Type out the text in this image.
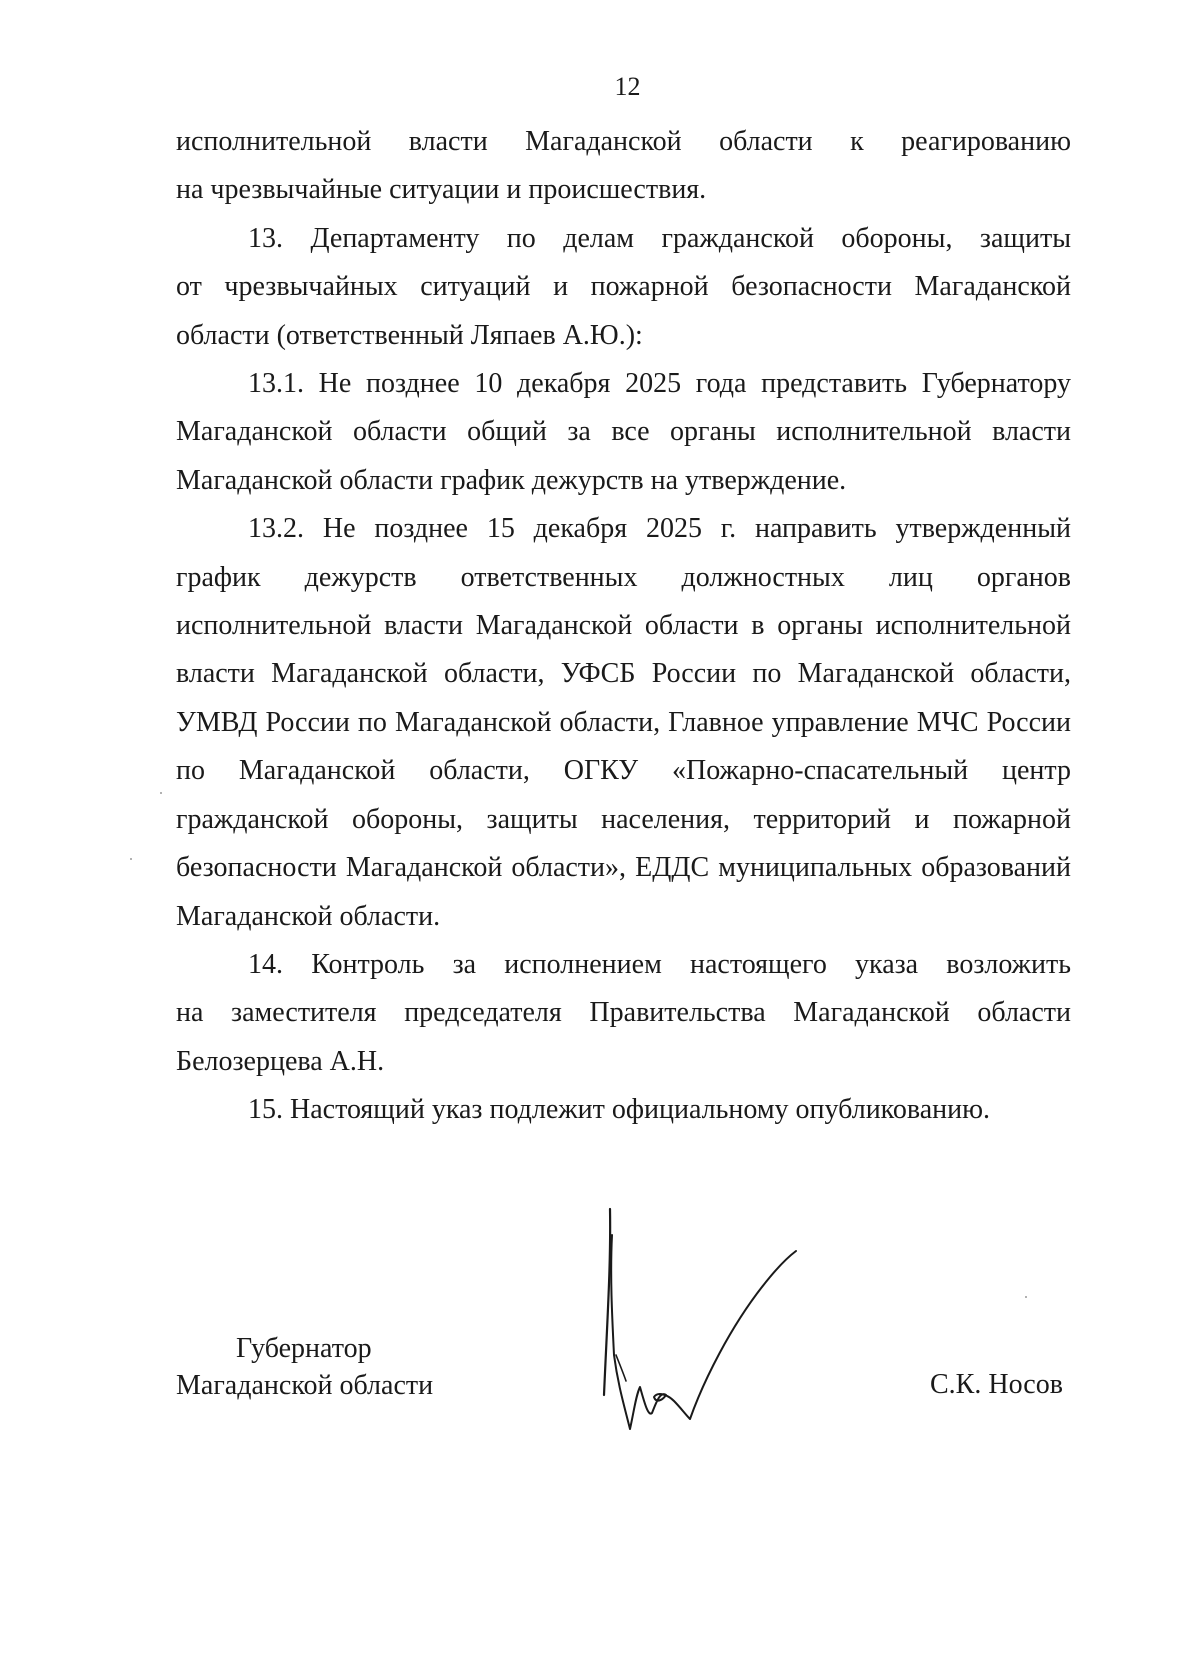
12

исполнительной власти Магаданской области к реагированию

на чрезвычайные ситуации и происшествия.

13. Департаменту по делам гражданской обороны, защиты

от чрезвычайных ситуаций и пожарной безопасности Магаданской

области (ответственный Ляпаев А.Ю.):

13.1. Не позднее 10 декабря 2025 года представить Губернатору

Магаданской области общий за все органы исполнительной власти

Магаданской области график дежурств на утверждение.

13.2. Не позднее 15 декабря 2025 г. направить утвержденный

график дежурств ответственных должностных лиц органов

исполнительной власти Магаданской области в органы исполнительной

власти Магаданской области, УФСБ России по Магаданской области,

УМВД России по Магаданской области, Главное управление МЧС России

по Магаданской области, ОГКУ «Пожарно-спасательный центр

гражданской обороны, защиты населения, территорий и пожарной

безопасности Магаданской области», ЕДДС муниципальных образований

Магаданской области.

14. Контроль за исполнением настоящего указа возложить

на заместителя председателя Правительства Магаданской области

Белозерцева А.Н.

15. Настоящий указ подлежит официальному опубликованию.

Губернатор
Магаданской области	С.К. Носов
